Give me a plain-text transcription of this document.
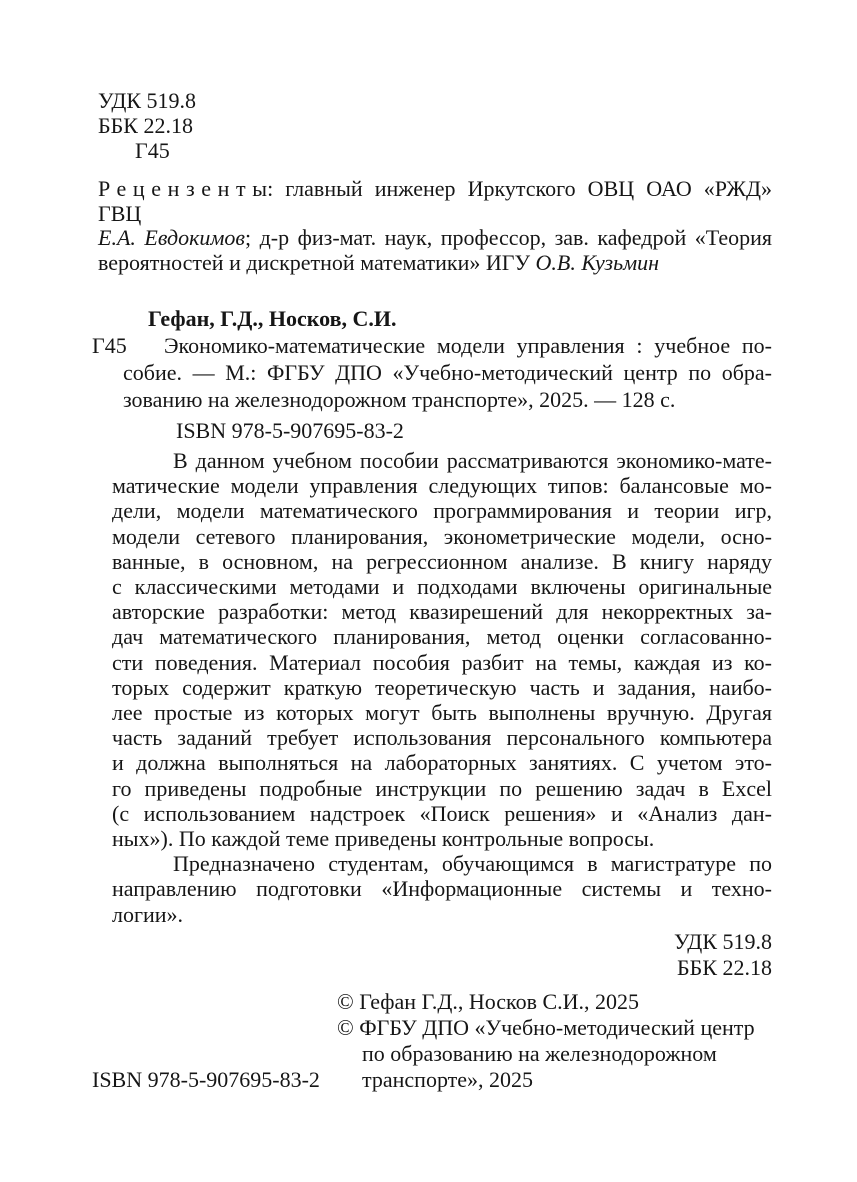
УДК 519.8
ББК 22.18
Г45
Рецензенты: главный инженер Иркутского ОВЦ ОАО «РЖД» ГВЦ
Е.А. Евдокимов; д-р физ-мат. наук, профессор, зав. кафедрой «Теория
вероятностей и дискретной математики» ИГУ О.В. Кузьмин
Гефан, Г.Д., Носков, С.И.
Г45	Экономико-математические модели управления : учебное по-
собие. — М.: ФГБУ ДПО «Учебно-методический центр по обра-
зованию на железнодорожном транспорте», 2025. — 128 с.
ISBN 978-5-907695-83-2
В данном учебном пособии рассматриваются экономико-мате-
матические модели управления следующих типов: балансовые мо-
дели, модели математического программирования и теории игр,
модели сетевого планирования, эконометрические модели, осно-
ванные, в основном, на регрессионном анализе. В книгу наряду
с классическими методами и подходами включены оригинальные
авторские разработки: метод квазирешений для некорректных за-
дач математического планирования, метод оценки согласованно-
сти поведения. Материал пособия разбит на темы, каждая из ко-
торых содержит краткую теоретическую часть и задания, наибо-
лее простые из которых могут быть выполнены вручную. Другая
часть заданий требует использования персонального компьютера
и должна выполняться на лабораторных занятиях. С учетом это-
го приведены подробные инструкции по решению задач в Excel
(с использованием надстроек «Поиск решения» и «Анализ дан-
ных»). По каждой теме приведены контрольные вопросы.
Предназначено студентам, обучающимся в магистратуре по
направлению подготовки «Информационные системы и техно-
логии».
УДК 519.8
ББК 22.18
© Гефан Г.Д., Носков С.И., 2025
© ФГБУ ДПО «Учебно-методический центр
по образованию на железнодорожном
транспорте», 2025
ISBN 978-5-907695-83-2
